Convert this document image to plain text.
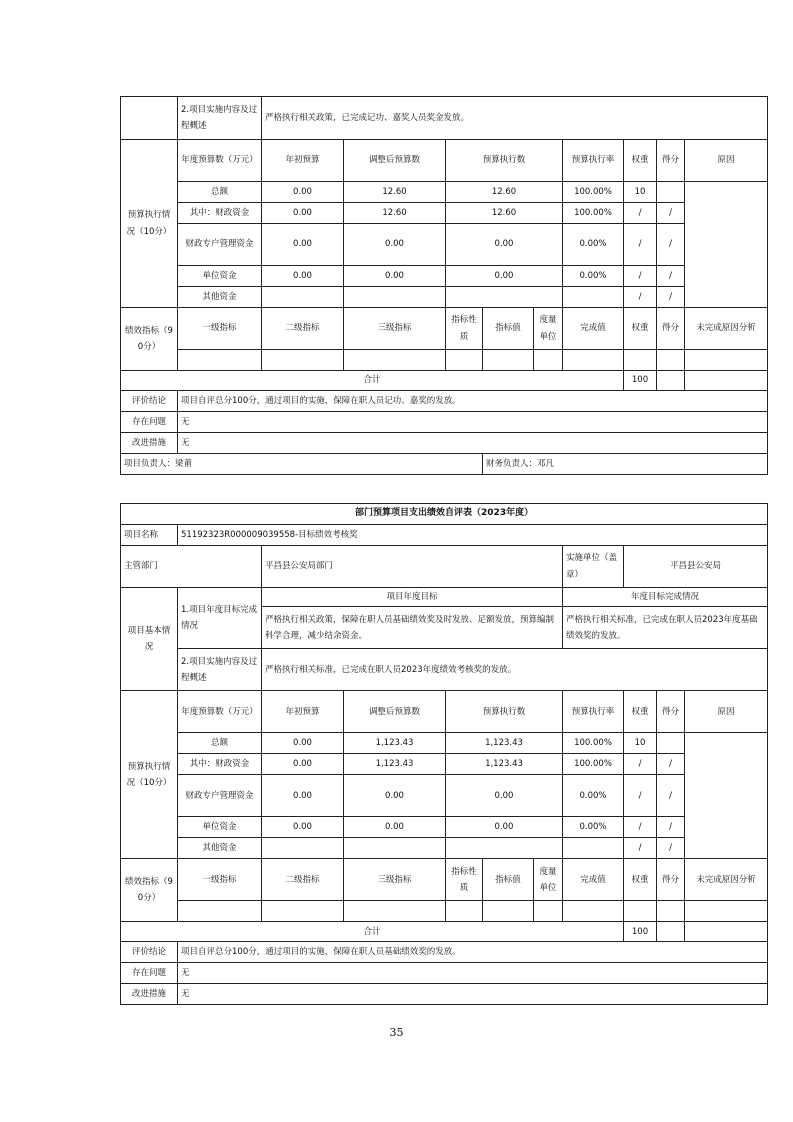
	2.项目实施内容及过程概述	严格执行相关政策，已完成记功、嘉奖人员奖金发放。								
预算执行情况（10分）	年度预算数（万元）	年初预算	调整后预算数	预算执行数			预算执行率	权重	得分	原因
	总额	0.00	12.60	12.60			100.00%	10		
	其中：财政资金	0.00	12.60	12.60			100.00%	/	/	
	财政专户管理资金	0.00	0.00	0.00			0.00%	/	/	
	单位资金	0.00	0.00	0.00			0.00%	/	/	
	其他资金							/	/	
绩效指标（90分）	一级指标	二级指标	三级指标	指标性质	指标值	度量单位	完成值	权重	得分	未完成原因分析

合计								100		
评价结论	项目自评总分100分，通过项目的实施，保障在职人员记功、嘉奖的发放。									
存在问题	无									
改进措施	无									
项目负责人：梁莆					财务负责人：邓凡					
部门预算项目支出绩效自评表（2023年度）										
项目名称	51192323R000009039558-目标绩效考核奖									
主管部门		平昌县公安局部门					实施单位（盖章）	平昌县公安局		
项目基本情况	1.项目年度目标完成情况	项目年度目标					年度目标完成情况			
		严格执行相关政策，保障在职人员基础绩效奖及时发放、足额发放，预算编制科学合理，减少结余资金。					严格执行相关标准，已完成在职人员2023年度基础绩效奖的发放。			
	2.项目实施内容及过程概述	严格执行相关标准，已完成在职人员2023年度绩效考核奖的发放。								
预算执行情况（10分）	年度预算数（万元）	年初预算	调整后预算数	预算执行数			预算执行率	权重	得分	原因
	总额	0.00	1,123.43	1,123.43			100.00%	10		
	其中：财政资金	0.00	1,123.43	1,123.43			100.00%	/	/	
	财政专户管理资金	0.00	0.00	0.00			0.00%	/	/	
	单位资金	0.00	0.00	0.00			0.00%	/	/	
	其他资金							/	/	
绩效指标（90分）	一级指标	二级指标	三级指标	指标性质	指标值	度量单位	完成值	权重	得分	未完成原因分析

合计								100		
评价结论	项目自评总分100分，通过项目的实施，保障在职人员基础绩效奖的发放。									
存在问题	无									
改进措施	无									
35
